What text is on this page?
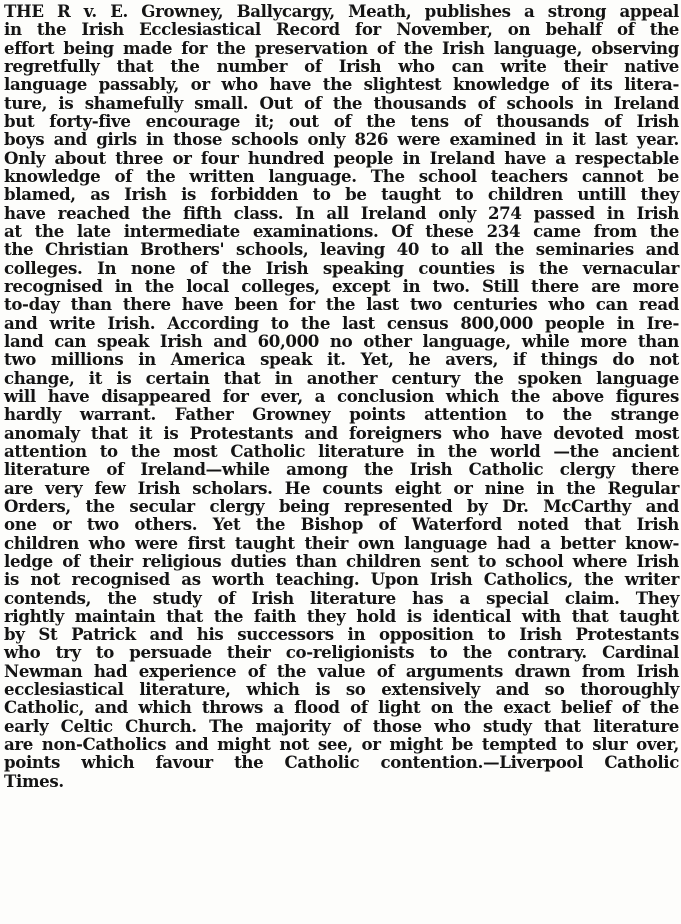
THE R v. E. Growney, Ballycargy, Meath, publishes a strong appeal
in the Irish Ecclesiastical Record for November, on behalf of the
effort being made for the preservation of the Irish language, observing
regretfully that the number of Irish who can write their native
language passably, or who have the slightest knowledge of its litera-
ture, is shamefully small. Out of the thousands of schools in Ireland
but forty-five encourage it; out of the tens of thousands of Irish
boys and girls in those schools only 826 were examined in it last year.
Only about three or four hundred people in Ireland have a respectable
knowledge of the written language. The school teachers cannot be
blamed, as Irish is forbidden to be taught to children untill they
have reached the fifth class. In all Ireland only 274 passed in Irish
at the late intermediate examinations. Of these 234 came from the
the Christian Brothers' schools, leaving 40 to all the seminaries and
colleges. In none of the Irish speaking counties is the vernacular
recognised in the local colleges, except in two. Still there are more
to-day than there have been for the last two centuries who can read
and write Irish. According to the last census 800,000 people in Ire-
land can speak Irish and 60,000 no other language, while more than
two millions in America speak it. Yet, he avers, if things do not
change, it is certain that in another century the spoken language
will have disappeared for ever, a conclusion which the above figures
hardly warrant. Father Growney points attention to the strange
anomaly that it is Protestants and foreigners who have devoted most
attention to the most Catholic literature in the world —the ancient
literature of Ireland—while among the Irish Catholic clergy there
are very few Irish scholars. He counts eight or nine in the Regular
Orders, the secular clergy being represented by Dr. McCarthy and
one or two others. Yet the Bishop of Waterford noted that Irish
children who were first taught their own language had a better know-
ledge of their religious duties than children sent to school where Irish
is not recognised as worth teaching. Upon Irish Catholics, the writer
contends, the study of Irish literature has a special claim. They
rightly maintain that the faith they hold is identical with that taught
by St Patrick and his successors in opposition to Irish Protestants
who try to persuade their co-religionists to the contrary. Cardinal
Newman had experience of the value of arguments drawn from Irish
ecclesiastical literature, which is so extensively and so thoroughly
Catholic, and which throws a flood of light on the exact belief of the
early Celtic Church. The majority of those who study that literature
are non-Catholics and might not see, or might be tempted to slur over,
points which favour the Catholic contention.—Liverpool Catholic
Times.
